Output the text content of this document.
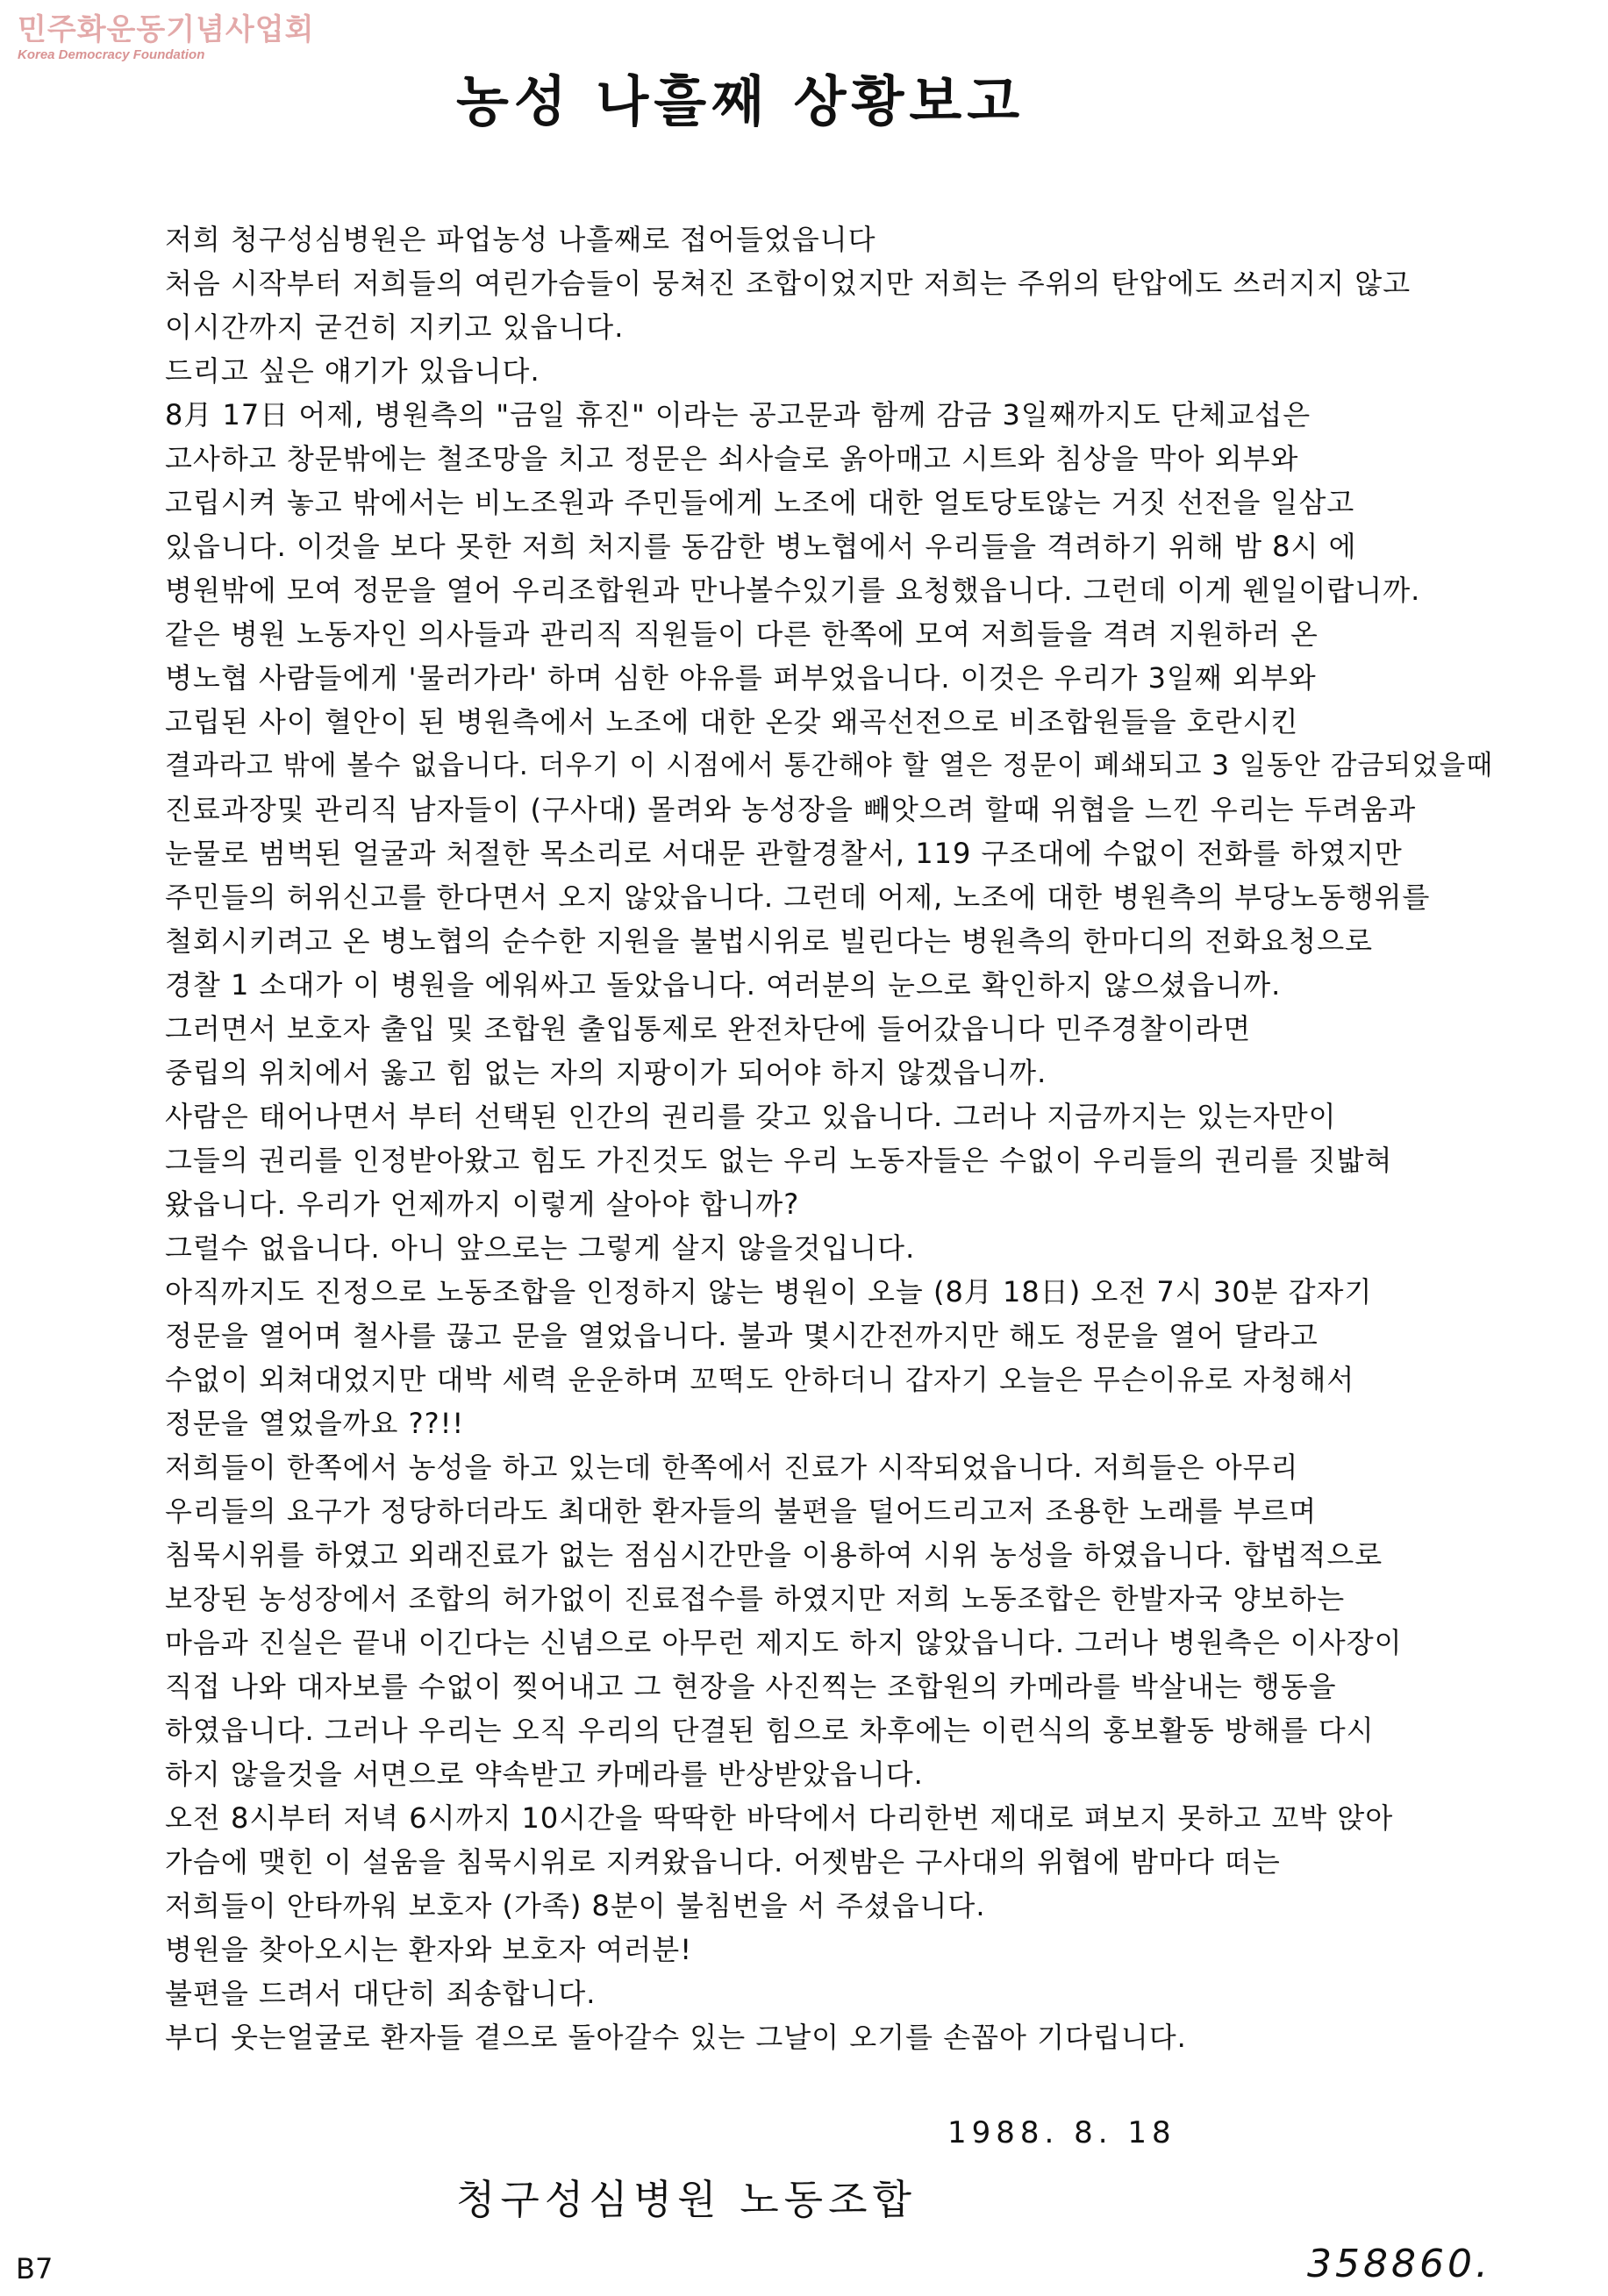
민주화운동기념사업회
Korea Democracy Foundation
농성 나흘째 상황보고
저희 청구성심병원은 파업농성 나흘째로 접어들었읍니다
처음 시작부터 저희들의 여린가슴들이 뭉쳐진 조합이었지만 저희는 주위의 탄압에도 쓰러지지 않고
이시간까지 굳건히 지키고 있읍니다.
드리고 싶은 얘기가 있읍니다.
8月 17日 어제, 병원측의 "금일 휴진" 이라는 공고문과 함께 감금 3일째까지도 단체교섭은
고사하고 창문밖에는 철조망을 치고 정문은 쇠사슬로 옭아매고 시트와 침상을 막아 외부와
고립시켜 놓고 밖에서는 비노조원과 주민들에게 노조에 대한 얼토당토않는 거짓 선전을 일삼고
있읍니다. 이것을 보다 못한 저희 처지를 동감한 병노협에서 우리들을 격려하기 위해 밤 8시 에
병원밖에 모여 정문을 열어 우리조합원과 만나볼수있기를 요청했읍니다. 그런데 이게 웬일이랍니까.
같은 병원 노동자인 의사들과 관리직 직원들이 다른 한쪽에 모여 저희들을 격려 지원하러 온
병노협 사람들에게 '물러가라' 하며 심한 야유를 퍼부었읍니다. 이것은 우리가 3일째 외부와
고립된 사이 혈안이 된 병원측에서 노조에 대한 온갖 왜곡선전으로 비조합원들을 호란시킨
결과라고 밖에 볼수 없읍니다. 더우기 이 시점에서 통간해야 할 열은 정문이 폐쇄되고 3 일동안 감금되었을때
진료과장및 관리직 남자들이 (구사대) 몰려와 농성장을 빼앗으려 할때 위협을 느낀 우리는 두려움과
눈물로 범벅된 얼굴과 처절한 목소리로 서대문 관할경찰서, 119 구조대에 수없이 전화를 하였지만
주민들의 허위신고를 한다면서 오지 않았읍니다. 그런데 어제, 노조에 대한 병원측의 부당노동행위를
철회시키려고 온 병노협의 순수한 지원을 불법시위로 빌린다는 병원측의 한마디의 전화요청으로
경찰 1 소대가 이 병원을 에워싸고 돌았읍니다. 여러분의 눈으로 확인하지 않으셨읍니까.
그러면서 보호자 출입 및 조합원 출입통제로 완전차단에 들어갔읍니다 민주경찰이라면
중립의 위치에서 옳고 힘 없는 자의 지팡이가 되어야 하지 않겠읍니까.
사람은 태어나면서 부터 선택된 인간의 권리를 갖고 있읍니다. 그러나 지금까지는 있는자만이
그들의 권리를 인정받아왔고 힘도 가진것도 없는 우리 노동자들은 수없이 우리들의 권리를 짓밟혀
왔읍니다. 우리가 언제까지 이렇게 살아야 합니까?
그럴수 없읍니다. 아니 앞으로는 그렇게 살지 않을것입니다.
아직까지도 진정으로 노동조합을 인정하지 않는 병원이 오늘 (8月 18日) 오전 7시 30분 갑자기
정문을 열어며 철사를 끊고 문을 열었읍니다. 불과 몇시간전까지만 해도 정문을 열어 달라고
수없이 외쳐대었지만 대박 세력 운운하며 꼬떡도 안하더니 갑자기 오늘은 무슨이유로 자청해서
정문을 열었을까요 ??!!
저희들이 한쪽에서 농성을 하고 있는데 한쪽에서 진료가 시작되었읍니다. 저희들은 아무리
우리들의 요구가 정당하더라도 최대한 환자들의 불편을 덜어드리고저 조용한 노래를 부르며
침묵시위를 하였고 외래진료가 없는 점심시간만을 이용하여 시위 농성을 하였읍니다. 합법적으로
보장된 농성장에서 조합의 허가없이 진료접수를 하였지만 저희 노동조합은 한발자국 양보하는
마음과 진실은 끝내 이긴다는 신념으로 아무런 제지도 하지 않았읍니다. 그러나 병원측은 이사장이
직접 나와 대자보를 수없이 찢어내고 그 현장을 사진찍는 조합원의 카메라를 박살내는 행동을
하였읍니다. 그러나 우리는 오직 우리의 단결된 힘으로 차후에는 이런식의 홍보활동 방해를 다시
하지 않을것을 서면으로 약속받고 카메라를 반상받았읍니다.
오전 8시부터 저녁 6시까지 10시간을 딱딱한 바닥에서 다리한번 제대로 펴보지 못하고 꼬박 앉아
가슴에 맺힌 이 설움을 침묵시위로 지켜왔읍니다. 어젯밤은 구사대의 위협에 밤마다 떠는
저희들이 안타까워 보호자 (가족) 8분이 불침번을 서 주셨읍니다.
병원을 찾아오시는 환자와 보호자 여러분!
불편을 드려서 대단히 죄송합니다.
부디 웃는얼굴로 환자들 곁으로 돌아갈수 있는 그날이 오기를 손꼽아 기다립니다.
1988. 8. 18
청구성심병원 노동조합
B7	358860.
